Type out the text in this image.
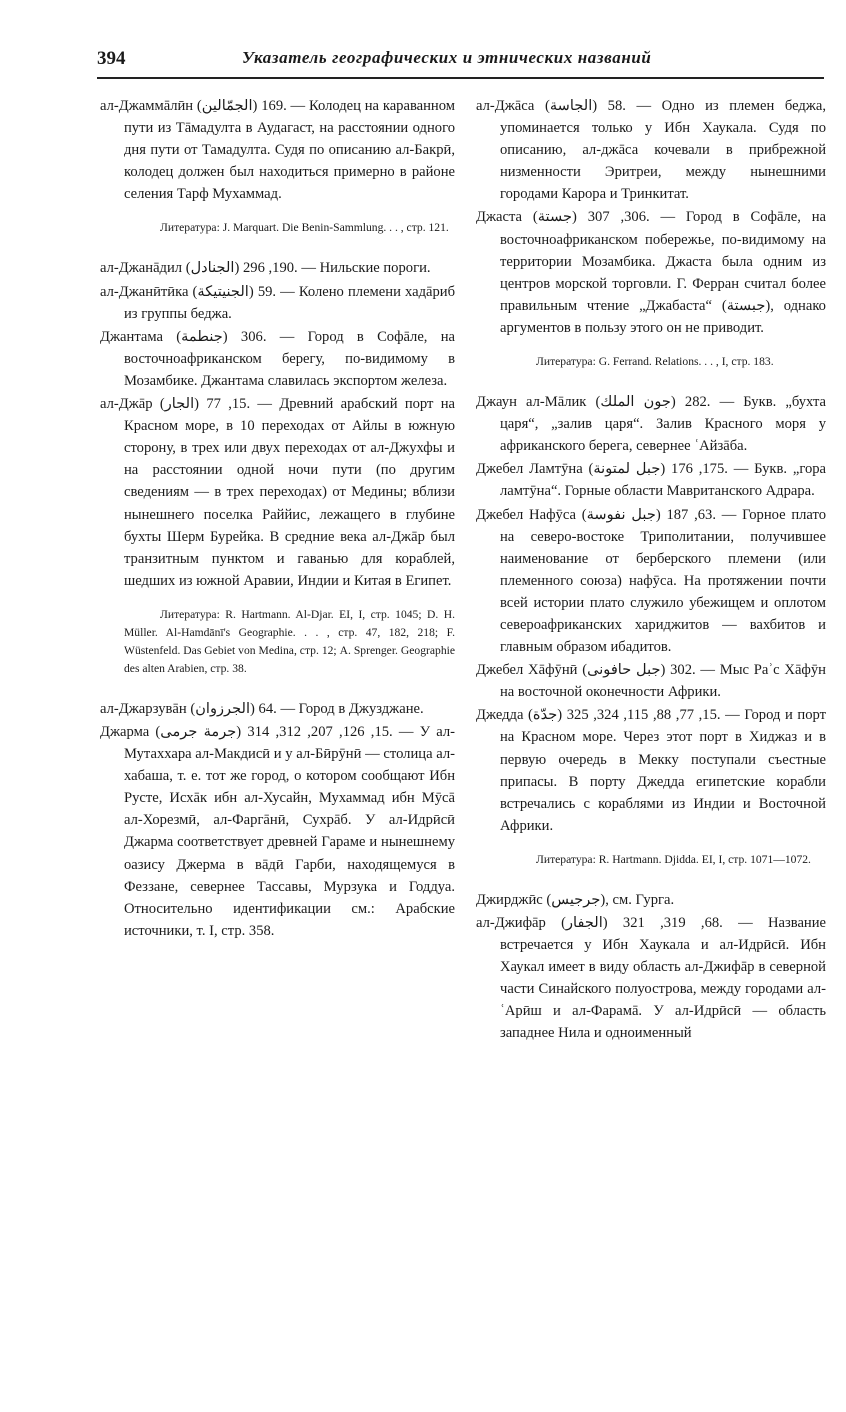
394	Указатель географических и этнических названий

ал-Джаммāлӣн (الجمّالين) 169. — Колодец на караванном пути из Тāмадулта в Аудагаст, на расстоянии одного дня пути от Тамадулта. Судя по описанию ал-Бакрӣ, колодец должен был находиться примерно в районе селения Тарф Мухаммад.

Литература: J. Marquart. Die Benin-Sammlung. . . , стр. 121.

ал-Джанāдил (الجنادل) 190, 296. — Нильские пороги.

ал-Джанӣтӣка (الجنيتيكة) 59. — Колено племени хадāриб из группы беджа.

Джантама (جنطمة) 306. — Город в Софāле, на восточноафриканском берегу, по-видимому в Мозамбике. Джантама славилась экспортом железа.

ал-Джāр (الجار) 15, 77. — Древний арабский порт на Красном море, в 10 переходах от Айлы в южную сторону, в трех или двух переходах от ал-Джухфы и на расстоянии одной ночи пути (по другим сведениям — в трех переходах) от Медины; вблизи нынешнего поселка Раййис, лежащего в глубине бухты Шерм Бурейка. В средние века ал-Джāр был транзитным пунктом и гаванью для кораблей, шедших из южной Аравии, Индии и Китая в Египет.

Литература: R. Hartmann. Al-Djar. EI, I, стр. 1045; D. H. Müller. Al-Hamdānī's Geographie. . . , стр. 47, 182, 218; F. Wüstenfeld. Das Gebiet von Medina, стр. 12; A. Sprenger. Geographie des alten Arabien, стр. 38.

ал-Джарзувāн (الجرزوان) 64. — Город в Джузджане.

Джарма (جرمة جرمى) 15, 126, 207, 312, 314. — У ал-Мутаххара ал-Макдисӣ и у ал-Бӣрӯнӣ — столица ал-хабаша, т. е. тот же город, о котором сообщают Ибн Русте, Исхāк ибн ал-Хусайн, Мухаммад ибн Мӯсā ал-Хорезмӣ, ал-Фаргāнӣ, Сухрāб. У ал-Идрӣсӣ Джарма соответствует древней Гараме и нынешнему оазису Джерма в вāдӣ Гарби, находящемуся в Феззане, севернее Тассавы, Мурзука и Годдуа. Относительно идентификации см.: Арабские источники, т. I, стр. 358.

ал-Джāса (الجاسة) 58. — Одно из племен беджа, упоминается только у Ибн Хаукала. Судя по описанию, ал-джāса кочевали в прибрежной низменности Эритреи, между нынешними городами Карора и Тринкитат.

Джаста (جستة) 306, 307. — Город в Софāле, на восточноафриканском побережье, по-видимому на территории Мозамбика. Джаста была одним из центров морской торговли. Г. Ферран считал более правильным чтение „Джабаста“ (جبستة), однако аргументов в пользу этого он не приводит.

Литература: G. Ferrand. Relations. . . , I, стр. 183.

Джаун ал-Мāлик (جون الملك) 282. — Букв. „бухта царя“, „залив царя“. Залив Красного моря у африканского берега, севернее ʿАйзāба.

Джебел Ламтӯна (جبل لمتونة) 175, 176. — Букв. „гора ламтӯна“. Горные области Мавританского Адрара.

Джебел Нафӯса (جبل نفوسة) 63, 187. — Горное плато на северо-востоке Триполитании, получившее наименование от берберского племени (или племенного союза) нафӯса. На протяжении почти всей истории плато служило убежищем и оплотом североафриканских хариджитов — вахбитов и главным образом ибадитов.

Джебел Хāфӯнӣ (جبل حافونى) 302. — Мыс Раʾс Хāфӯн на восточной оконечности Африки.

Джедда (جدّة) 15, 77, 88, 115, 324, 325. — Город и порт на Красном море. Через этот порт в Хиджаз и в первую очередь в Мекку поступали съестные припасы. В порту Джедда египетские корабли встречались с кораблями из Индии и Восточной Африки.

Литература: R. Hartmann. Djidda. EI, I, стр. 1071—1072.

Джирджӣс (جرجيس), см. Гурга.

ал-Джифāр (الجفار) 68, 319, 321. — Название встречается у Ибн Хаукала и ал-Идрӣсӣ. Ибн Хаукал имеет в виду область ал-Джифāр в северной части Синайского полуострова, между городами ал-ʿАрӣш и ал-Фарамā. У ал-Идрӣсӣ — область западнее Нила и одноименный
